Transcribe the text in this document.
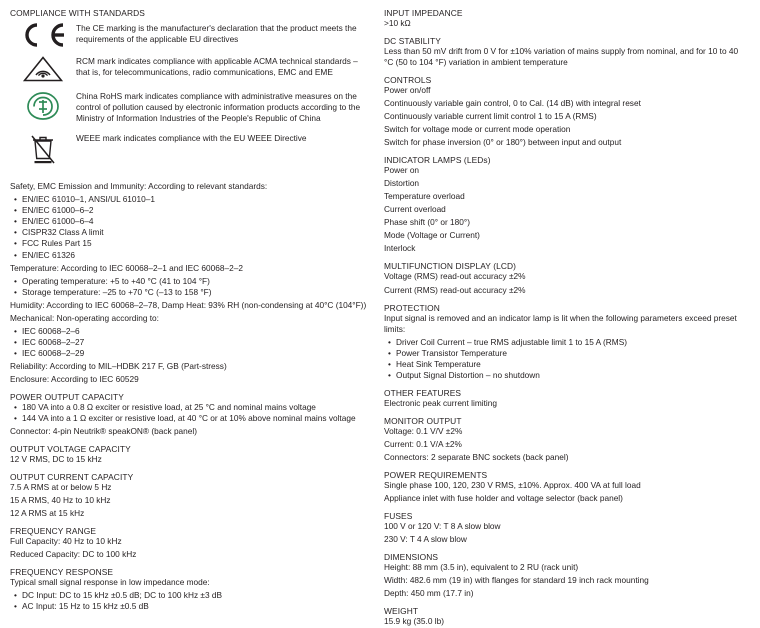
COMPLIANCE WITH STANDARDS
	The CE marking is the manufacturer's declaration that the product meets the requirements of the applicable EU directives

	RCM mark indicates compliance with applicable ACMA technical standards – that is, for telecommunications, radio communications, EMC and EME

	China RoHS mark indicates compliance with administrative measures on the control of pollution caused by electronic information products according to the Ministry of Information Industries of the People's Republic of China

	WEEE mark indicates compliance with the EU WEEE Directive

Safety, EMC Emission and Immunity: According to relevant standards:

• EN/IEC 61010–1, ANSI/UL 61010–1
• EN/IEC 61000–6–2
• EN/IEC 61000–6–4
• CISPR32 Class A limit
• FCC Rules Part 15
• EN/IEC 61326

Temperature: According to IEC 60068–2–1 and IEC 60068–2–2

• Operating temperature: +5 to +40 °C (41 to 104 °F)
• Storage temperature: –25 to +70 °C (–13 to 158 °F)

Humidity: According to IEC 60068–2–78, Damp Heat: 93% RH (non-condensing at 40°C (104°F))

Mechanical: Non-operating according to:

• IEC 60068–2–6
• IEC 60068–2–27
• IEC 60068–2–29

Reliability: According to MIL–HDBK 217 F, GB (Part-stress)

Enclosure: According to IEC 60529

POWER OUTPUT CAPACITY
• 180 VA into a 0.8 Ω exciter or resistive load, at 25 °C and nominal mains voltage
• 144 VA into a 1 Ω exciter or resistive load, at 40 °C or at 10% above nominal mains voltage

Connector: 4-pin Neutrik® speakON® (back panel)

OUTPUT VOLTAGE CAPACITY

12 V RMS, DC to 15 kHz

OUTPUT CURRENT CAPACITY

7.5 A RMS at or below 5 Hz

15 A RMS, 40 Hz to 10 kHz

12 A RMS at 15 kHz

FREQUENCY RANGE

Full Capacity: 40 Hz to 10 kHz

Reduced Capacity: DC to 100 kHz

FREQUENCY RESPONSE

Typical small signal response in low impedance mode:

• DC Input: DC to 15 kHz ±0.5 dB; DC to 100 kHz ±3 dB
• AC Input: 15 Hz to 15 kHz ±0.5 dB
INPUT IMPEDANCE

>10 kΩ

DC STABILITY

Less than 50 mV drift from 0 V for ±10% variation of mains supply from nominal, and for 10 to 40 °C (50 to 104 °F) variation in ambient temperature

CONTROLS

Power on/off

Continuously variable gain control, 0 to Cal. (14 dB) with integral reset

Continuously variable current limit control 1 to 15 A (RMS)

Switch for voltage mode or current mode operation

Switch for phase inversion (0° or 180°) between input and output

INDICATOR LAMPS (LEDs)

Power on

Distortion

Temperature overload

Current overload

Phase shift (0° or 180°)

Mode (Voltage or Current)

Interlock

MULTIFUNCTION DISPLAY (LCD)

Voltage (RMS) read-out accuracy ±2%

Current (RMS) read-out accuracy ±2%

PROTECTION

Input signal is removed and an indicator lamp is lit when the following parameters exceed preset limits:

• Driver Coil Current – true RMS adjustable limit 1 to 15 A (RMS)
• Power Transistor Temperature
• Heat Sink Temperature
• Output Signal Distortion – no shutdown
OTHER FEATURES

Electronic peak current limiting

MONITOR OUTPUT

Voltage: 0.1 V/V ±2%

Current: 0.1 V/A ±2%

Connectors: 2 separate BNC sockets (back panel)

POWER REQUIREMENTS

Single phase 100, 120, 230 V RMS, ±10%. Approx. 400 VA at full load

Appliance inlet with fuse holder and voltage selector (back panel)

FUSES

100 V or 120 V: T 8 A slow blow

230 V: T 4 A slow blow

DIMENSIONS

Height: 88 mm (3.5 in), equivalent to 2 RU (rack unit)

Width: 482.6 mm (19 in) with flanges for standard 19 inch rack mounting

Depth: 450 mm (17.7 in)

WEIGHT

15.9 kg (35.0 lb)
